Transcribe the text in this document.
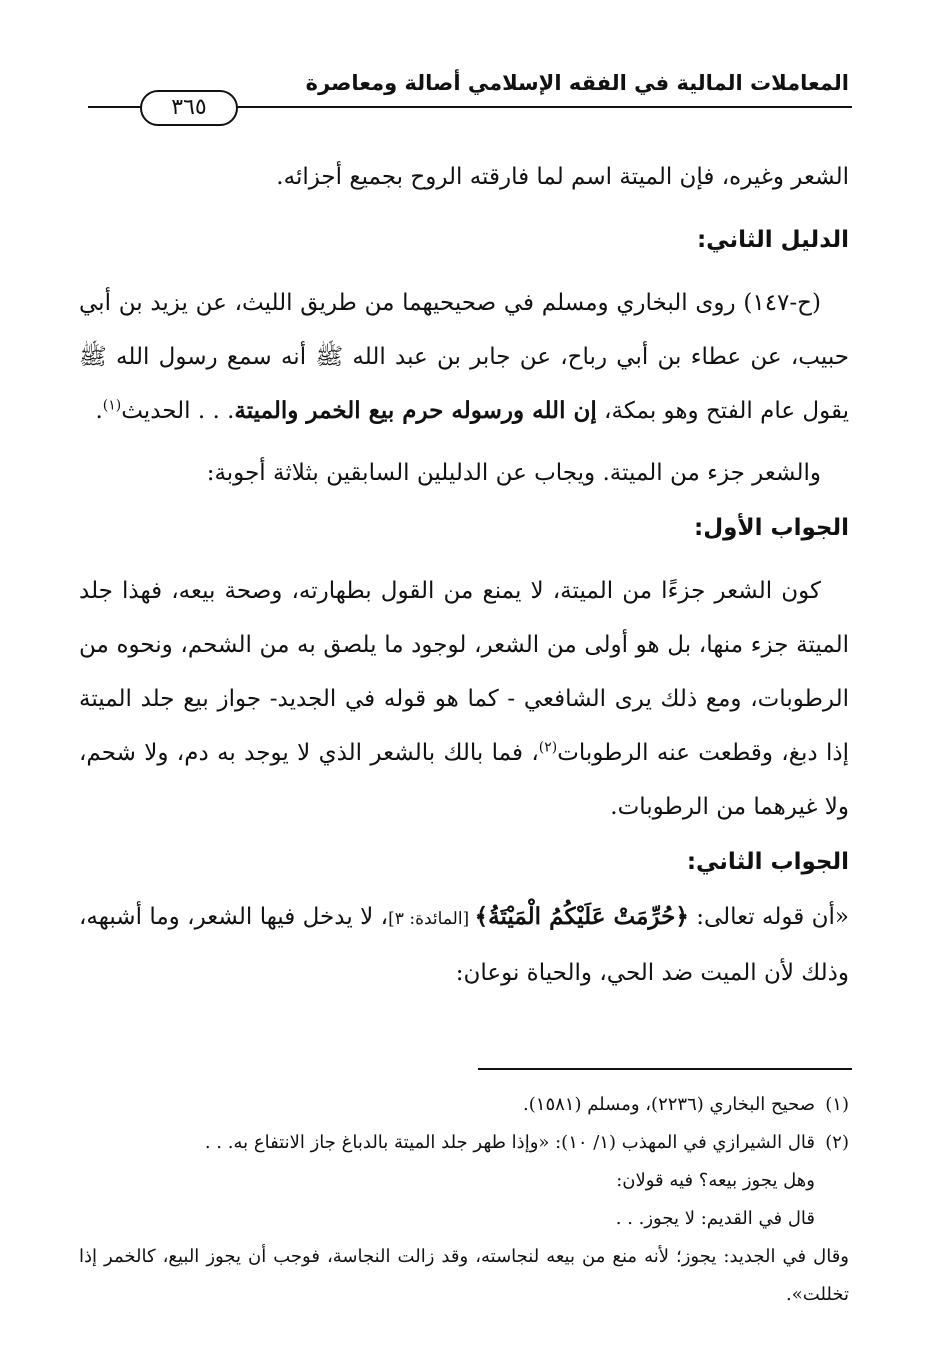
المعاملات المالية في الفقه الإسلامي أصالة ومعاصرة
٣٦٥

الشعر وغيره، فإن الميتة اسم لما فارقته الروح بجميع أجزائه.

الدليل الثاني:

(ح-١٤٧) روى البخاري ومسلم في صحيحيهما من طريق الليث، عن يزيد بن أبي حبيب، عن عطاء بن أبي رباح، عن جابر بن عبد الله ﷺ أنه سمع رسول الله ﷺ يقول عام الفتح وهو بمكة، إن الله ورسوله حرم بيع الخمر والميتة. . . الحديث$^{(١)}$.

والشعر جزء من الميتة. ويجاب عن الدليلين السابقين بثلاثة أجوبة:

الجواب الأول:

كون الشعر جزءًا من الميتة، لا يمنع من القول بطهارته، وصحة بيعه، فهذا جلد الميتة جزء منها، بل هو أولى من الشعر، لوجود ما يلصق به من الشحم، ونحوه من الرطوبات، ومع ذلك يرى الشافعي - كما هو قوله في الجديد- جواز بيع جلد الميتة إذا دبغ، وقطعت عنه الرطوبات$^{(٢)}$، فما بالك بالشعر الذي لا يوجد به دم، ولا شحم، ولا غيرهما من الرطوبات.

الجواب الثاني:

«أن قوله تعالى: ﴿حُرِّمَتْ عَلَيْكُمُ الْمَيْتَةُ﴾ [المائدة: ٣]، لا يدخل فيها الشعر، وما أشبهه، وذلك لأن الميت ضد الحي، والحياة نوعان:

(١)صحيح البخاري (٢٢٣٦)، ومسلم (١٥٨١).

(٢)قال الشيرازي في المهذب (١/ ١٠): «وإذا طهر جلد الميتة بالدباغ جاز الانتفاع به. . .

وهل يجوز بيعه؟ فيه قولان:

قال في القديم: لا يجوز. . .

وقال في الجديد: يجوز؛ لأنه منع من بيعه لنجاسته، وقد زالت النجاسة، فوجب أن يجوز البيع، كالخمر إذا تخللت».
